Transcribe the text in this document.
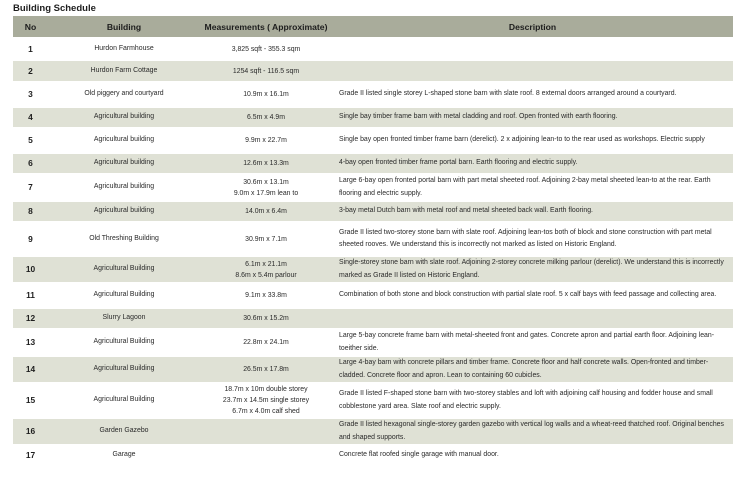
Building Schedule
No	Building	Measurements ( Approximate)	Description
1	Hurdon Farmhouse	3,825 sqft - 355.3 sqm	

2	Hurdon Farm Cottage	1254 sqft - 116.5 sqm	

3	Old piggery and courtyard	10.9m x 16.1m	Grade II listed single storey L-shaped stone barn with slate roof. 8 external doors arranged around a courtyard.
4	Agricultural building	6.5m x 4.9m	Single bay timber frame barn with metal cladding and roof. Open fronted with earth flooring.
5	Agricultural building	9.9m x 22.7m	Single bay open fronted timber frame barn (derelict). 2 x adjoining lean-to to the rear used as workshops. Electric supply
6	Agricultural building	12.6m x 13.3m	4-bay open fronted timber frame portal barn. Earth flooring and electric supply.
7	Agricultural building	30.6m x 13.1m
9.0m x 17.9m lean to	Large 6-bay open fronted portal barn with part metal sheeted roof. Adjoining 2-bay metal sheeted lean-to at the rear. Earth flooring and electric supply.
8	Agricultural building	14.0m x 6.4m	3-bay metal Dutch barn with metal roof and metal sheeted back wall. Earth flooring.
9	Old Threshing Building	30.9m x 7.1m	Grade II listed two-storey stone barn with slate roof. Adjoining lean-tos both of block and stone construction with part metal sheeted rooves. We understand this is incorrectly not marked as listed on Historic England.
10	Agricultural Building	6.1m x 21.1m
8.6m x 5.4m parlour	Single-storey stone barn with slate roof. Adjoining 2-storey concrete milking parlour (derelict). We understand this is incorrectly marked as Grade II listed on Historic England.
11	Agricultural Building	9.1m x 33.8m	Combination of both stone and block construction with partial slate roof. 5 x calf bays with feed passage and collecting area.
12	Slurry Lagoon	30.6m x 15.2m	

13	Agricultural Building	22.8m x 24.1m	Large 5-bay concrete frame barn with metal-sheeted front and gates. Concrete apron and partial earth floor. Adjoining lean-toeither side.
14	Agricultural Building	26.5m x 17.8m	Large 4-bay barn with concrete pillars and timber frame. Concrete floor and half concrete walls. Open-fronted and timber-cladded. Concrete floor and apron. Lean to containing 60 cubicles.
15	Agricultural Building	18.7m x 10m double storey
23.7m x 14.5m single storey
6.7m x 4.0m calf shed	Grade II listed F-shaped stone barn with two-storey stables and loft with adjoining calf housing and fodder house and small cobblestone yard area. Slate roof and electric supply.
16	Garden Gazebo		Grade II listed hexagonal single-storey garden gazebo with vertical log walls and a wheat-reed thatched roof. Original benches and shaped supports.
17	Garage		Concrete flat roofed single garage with manual door.
